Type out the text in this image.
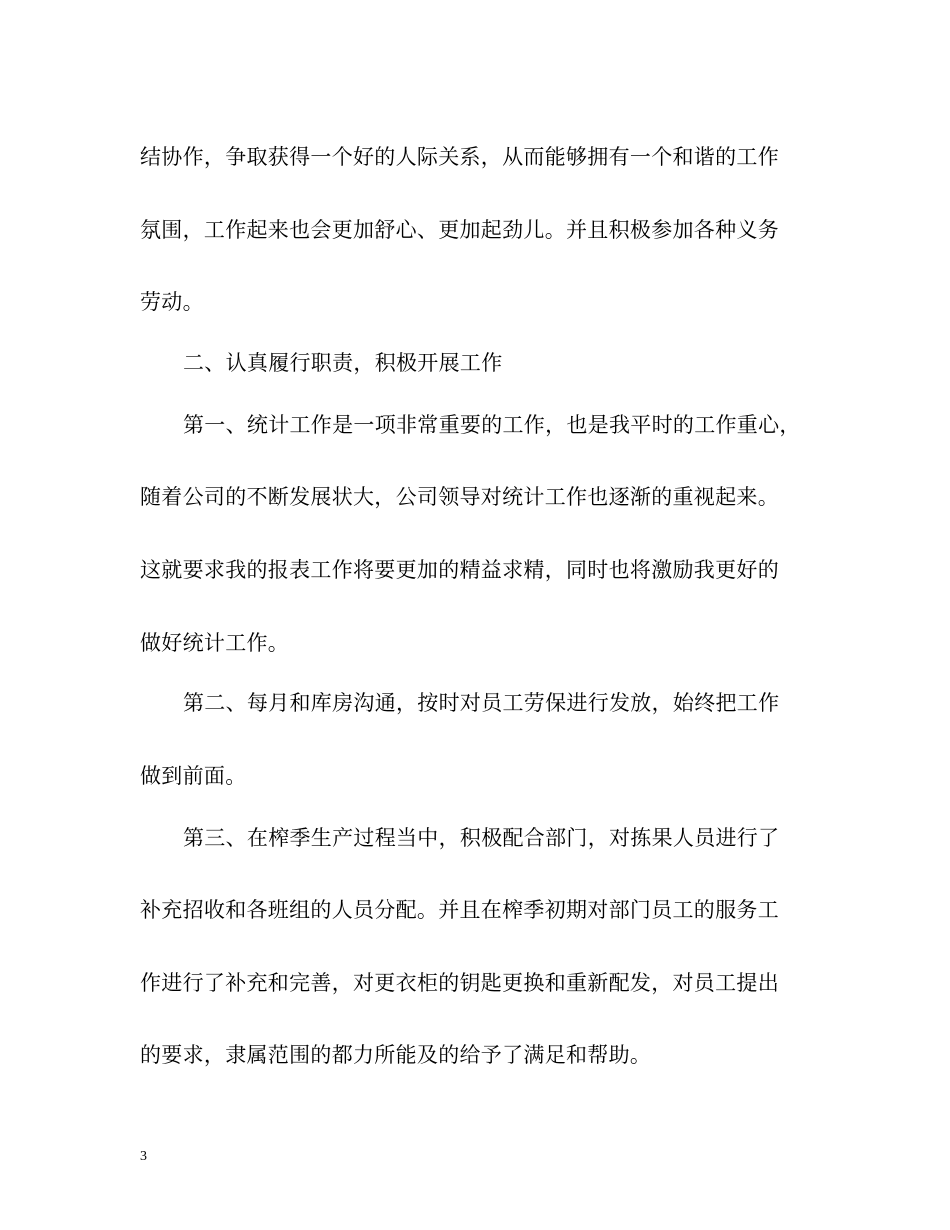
结协作，争取获得一个好的人际关系，从而能够拥有一个和谐的工作

氛围，工作起来也会更加舒心、更加起劲儿。并且积极参加各种义务

劳动。

二、认真履行职责，积极开展工作

第一、统计工作是一项非常重要的工作，也是我平时的工作重心，

随着公司的不断发展状大，公司领导对统计工作也逐渐的重视起来。

这就要求我的报表工作将要更加的精益求精，同时也将激励我更好的

做好统计工作。

第二、每月和库房沟通，按时对员工劳保进行发放，始终把工作

做到前面。

第三、在榨季生产过程当中，积极配合部门，对拣果人员进行了

补充招收和各班组的人员分配。并且在榨季初期对部门员工的服务工

作进行了补充和完善，对更衣柜的钥匙更换和重新配发，对员工提出

的要求，隶属范围的都力所能及的给予了满足和帮助。

3
